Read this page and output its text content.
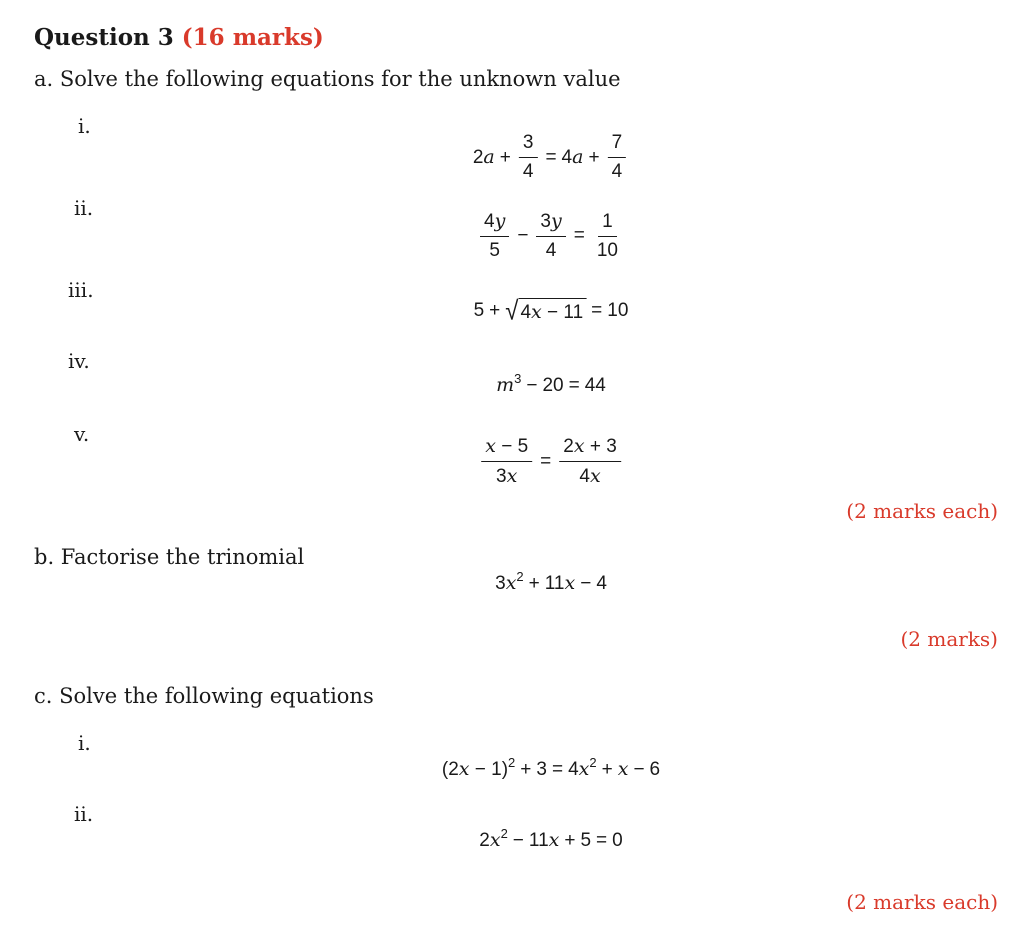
Question 3 (16 marks)
a. Solve the following equations for the unknown value
i.
$2a + \frac{3}{4} = 4a + \frac{7}{4}$
ii.
$\frac{4y}{5} - \frac{3y}{4} = \frac{1}{10}$
iii.
5 + √ 4x − 11 = 10
iv.
$m^3 - 20 = 44$
v.
$\frac{x - 5}{3x} = \frac{2x + 3}{4x}$
(2 marks each)
b. Factorise the trinomial
$3x^2 + 11x - 4$
(2 marks)
c. Solve the following equations
i.
$(2x - 1)^2 + 3 = 4x^2 + x - 6$
ii.
$2x^2 - 11x + 5 = 0$
(2 marks each)
